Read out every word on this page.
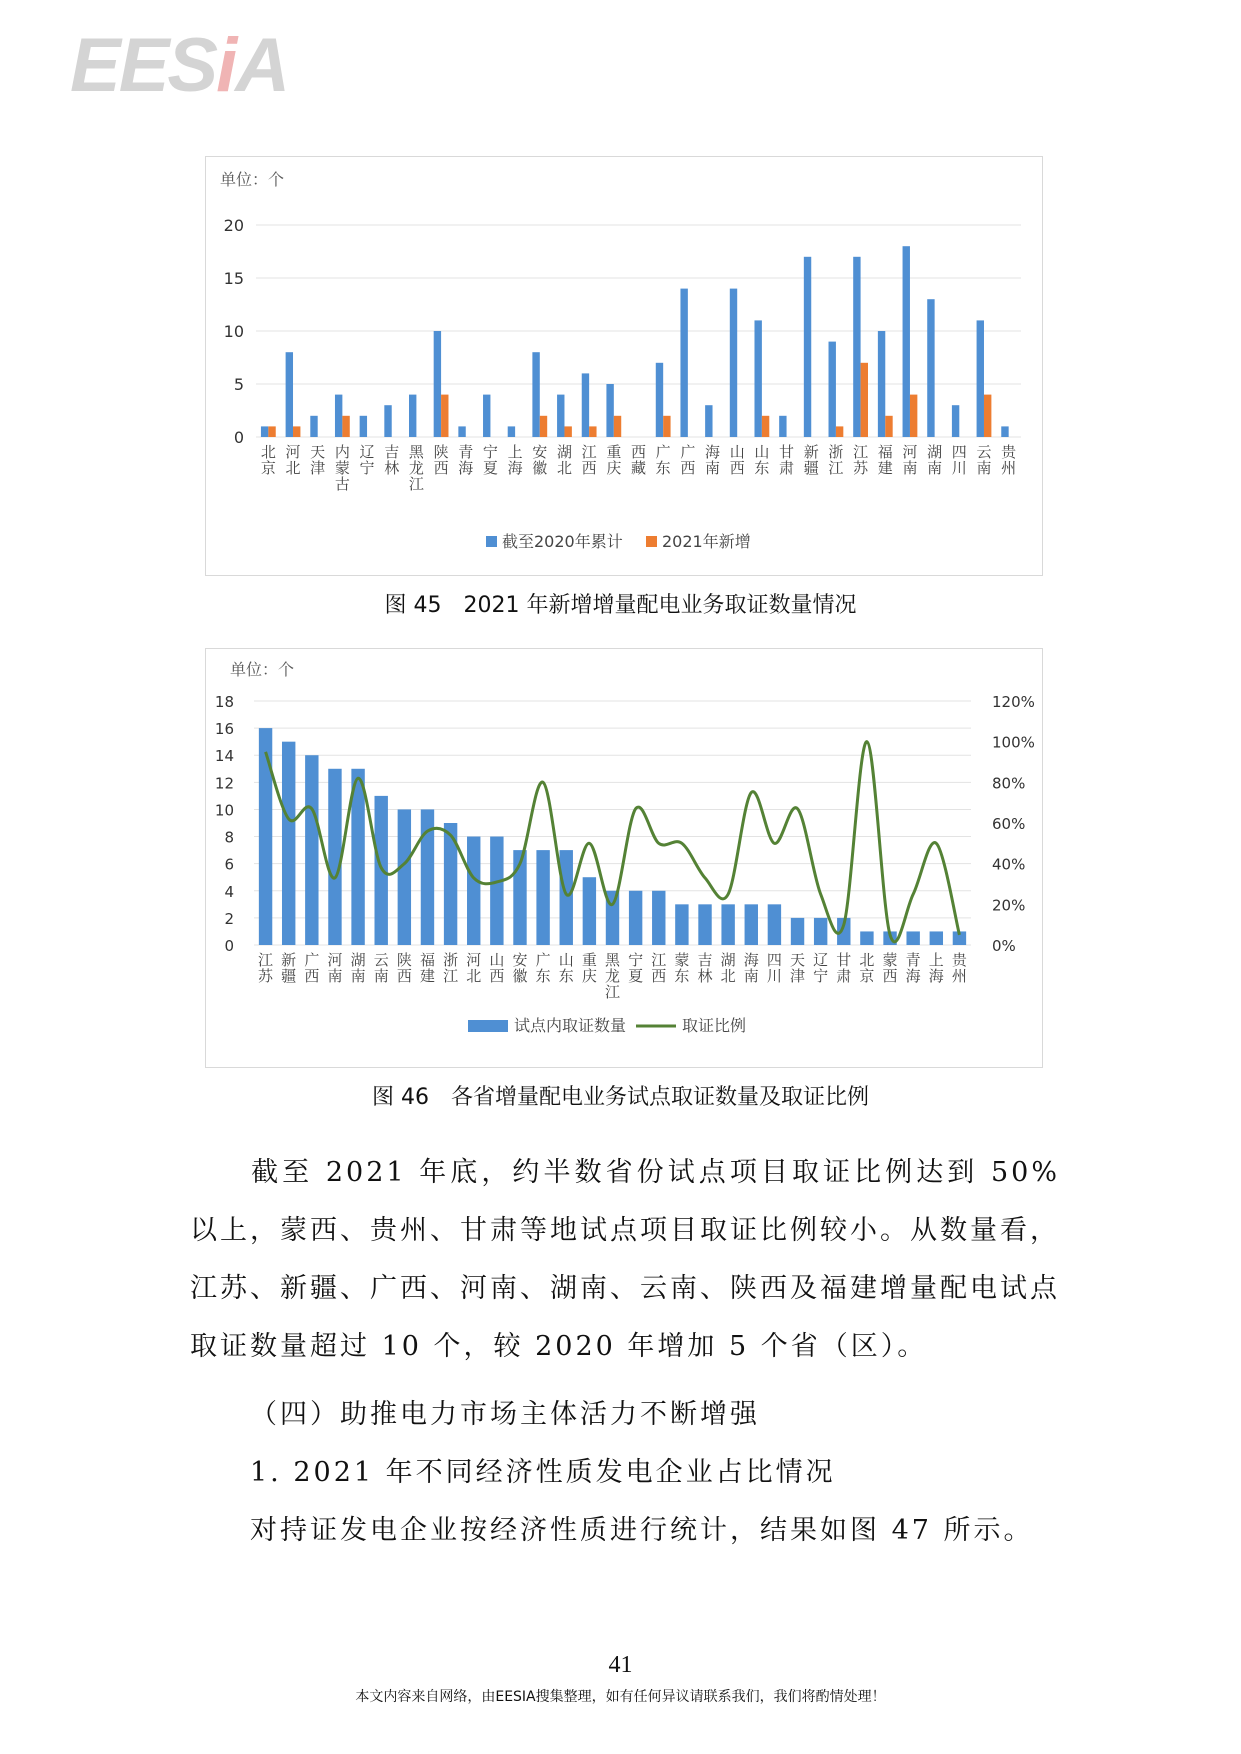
EESiA
单位：个
0
5
10
15
20
北
京
河
北
天
津
内
蒙
古
辽
宁
吉
林
黑
龙
江
陕
西
青
海
宁
夏
上
海
安
徽
湖
北
江
西
重
庆
西
藏
广
东
广
西
海
南
山
西
山
东
甘
肃
新
疆
浙
江
江
苏
福
建
河
南
湖
南
四
川
云
南
贵
州
截至2020年累计 2021年新增
图 45　2021 年新增增量配电业务取证数量情况
单位：个
0
2
4
6
8
10
12
14
16
18
0%
20%
40%
60%
80%
100%
120%
江
苏
新
疆
广
西
河
南
湖
南
云
南
陕
西
福
建
浙
江
河
北
山
西
安
徽
广
东
山
东
重
庆
黑
龙
江
宁
夏
江
西
蒙
东
吉
林
湖
北
海
南
四
川
天
津
辽
宁
甘
肃
北
京
蒙
西
青
海
上
海
贵
州
试点内取证数量	取证比例
图 46　各省增量配电业务试点取证数量及取证比例
截至 2021 年底，约半数省份试点项目取证比例达到 50%以上，蒙西、贵州、甘肃等地试点项目取证比例较小。从数量看，江苏、新疆、广西、河南、湖南、云南、陕西及福建增量配电试点取证数量超过 10 个，较 2020 年增加 5 个省（区）。
（四）助推电力市场主体活力不断增强
1. 2021 年不同经济性质发电企业占比情况
对持证发电企业按经济性质进行统计，结果如图 47 所示。
41
本文内容来自网络，由EESIA搜集整理，如有任何异议请联系我们，我们将酌情处理！
